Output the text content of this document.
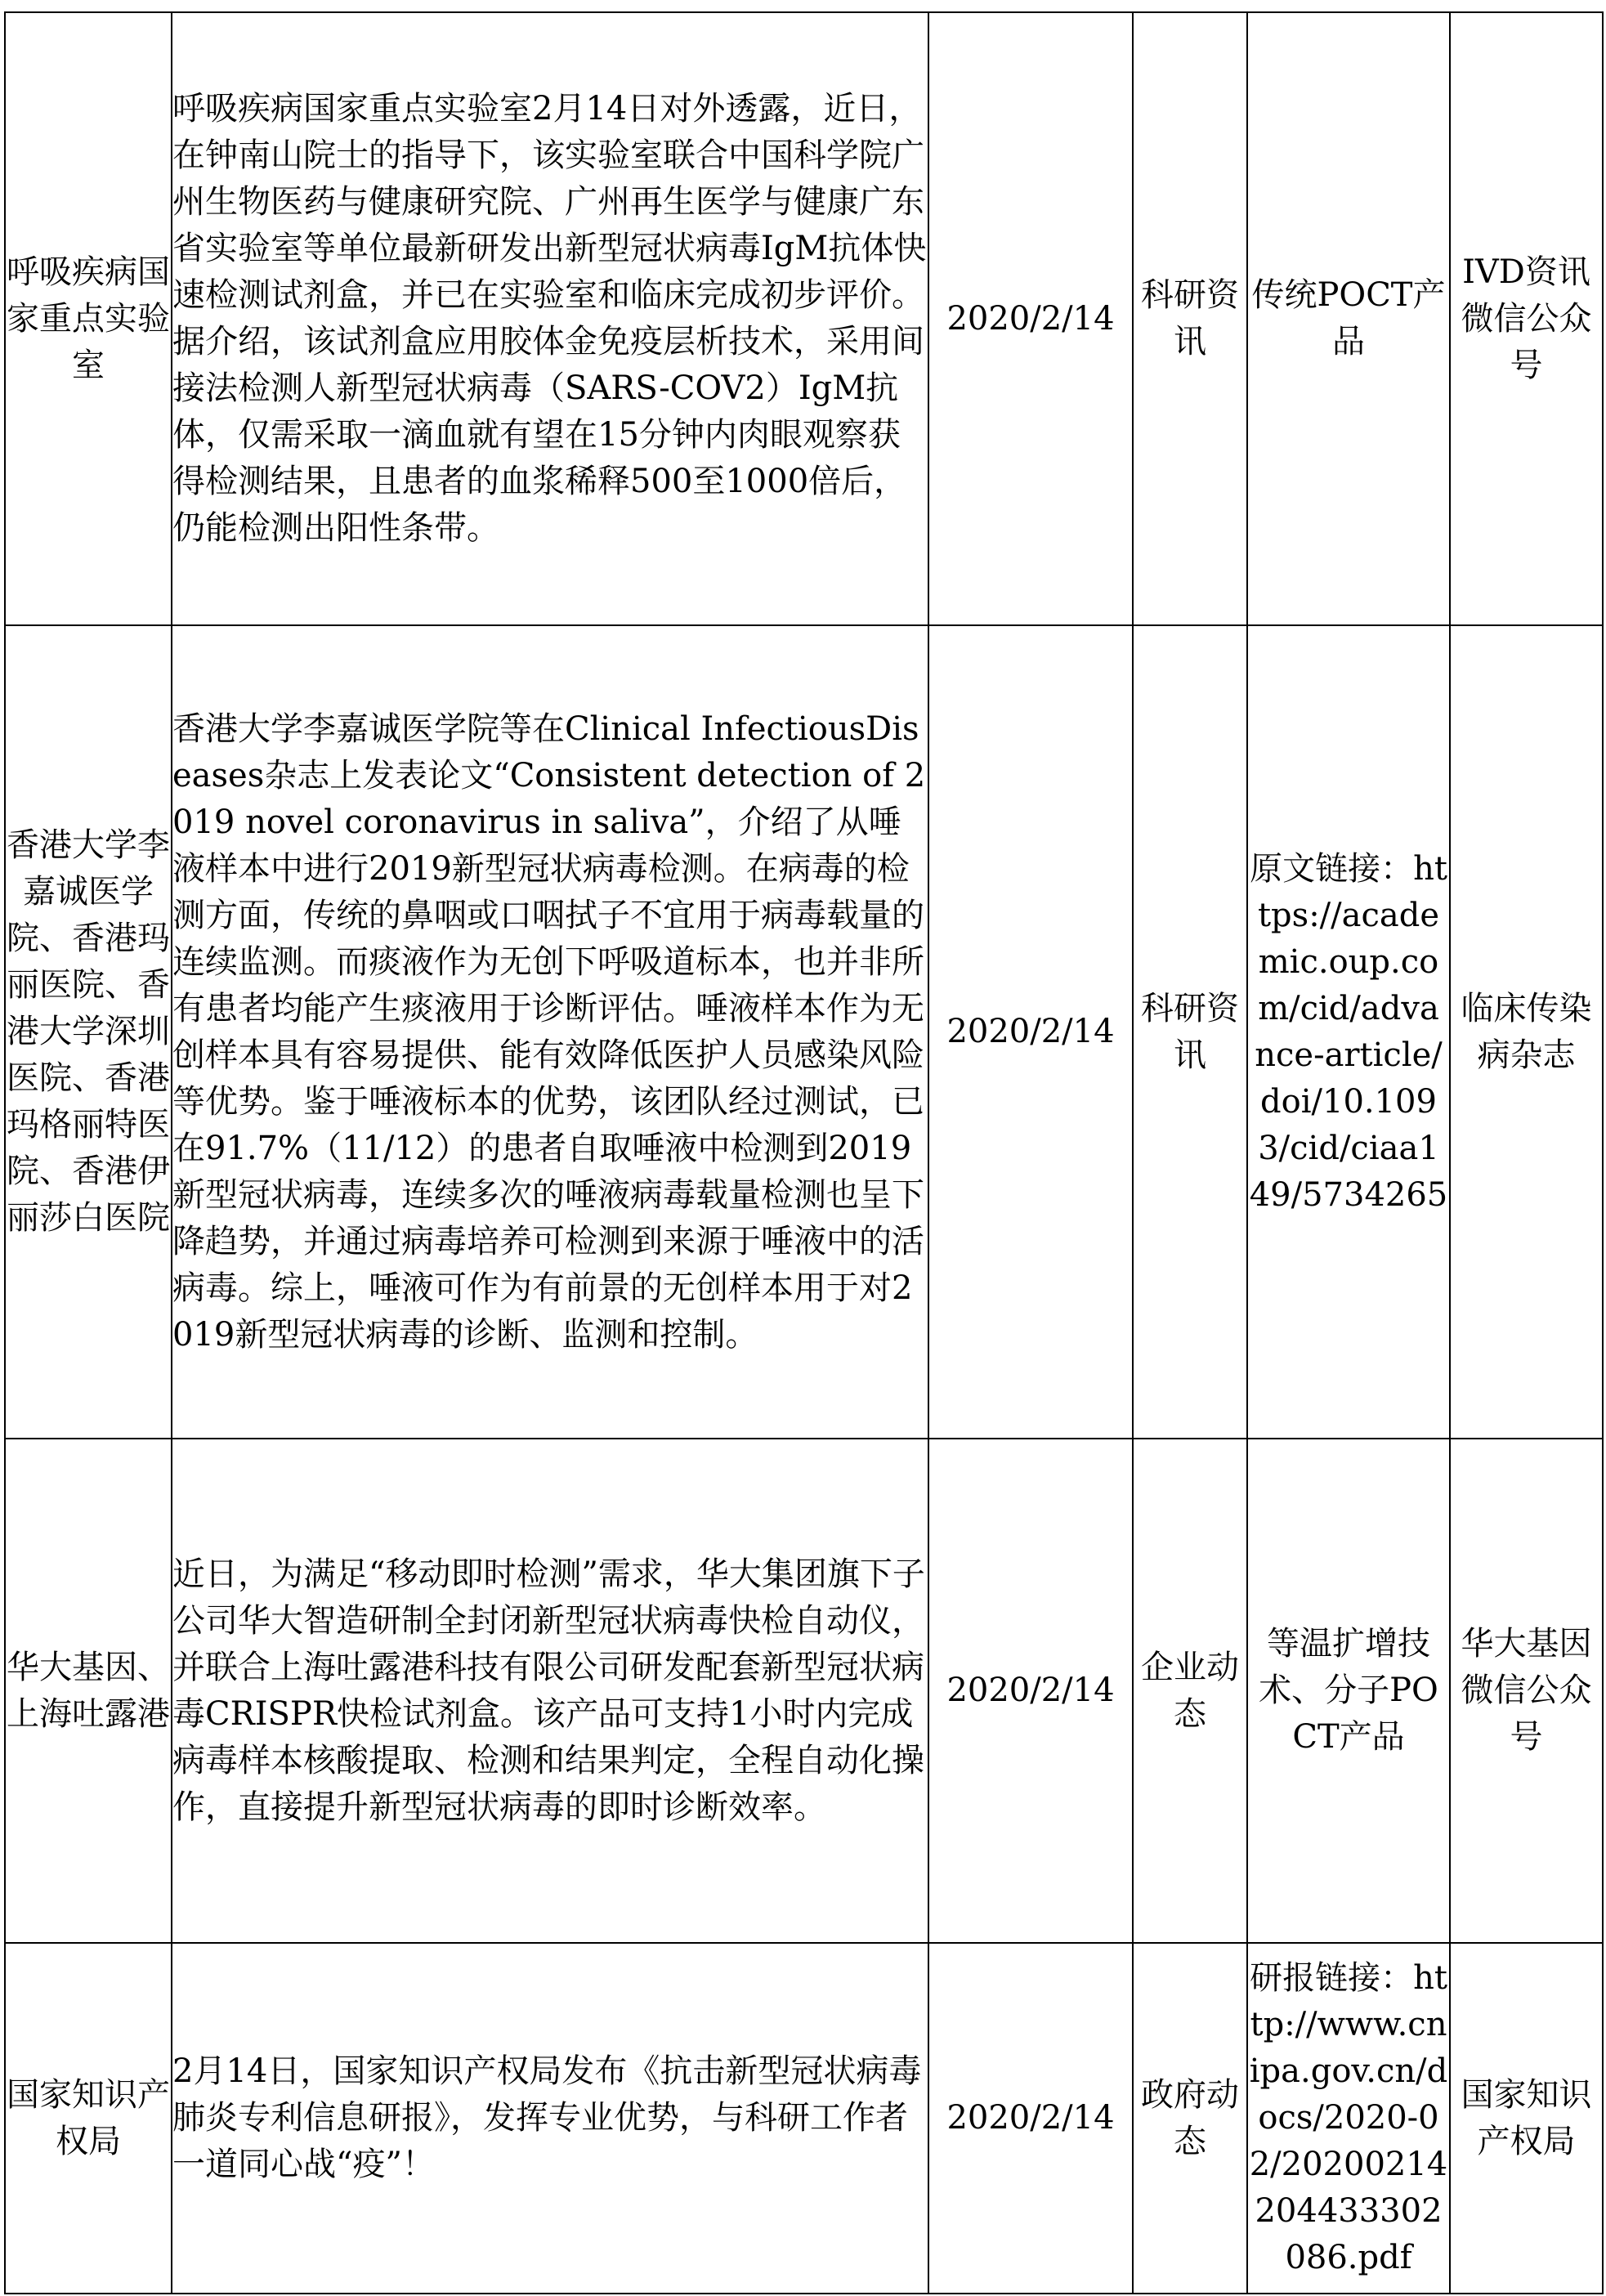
呼吸疾病国家重点实验室	呼吸疾病国家重点实验室2月14日对外透露，近日，在钟南山院士的指导下，该实验室联合中国科学院广州生物医药与健康研究院、广州再生医学与健康广东省实验室等单位最新研发出新型冠状病毒IgM抗体快速检测试剂盒，并已在实验室和临床完成初步评价。据介绍，该试剂盒应用胶体金免疫层析技术，采用间接法检测人新型冠状病毒（SARS-COV2）IgM抗体，仅需采取一滴血就有望在15分钟内肉眼观察获得检测结果，且患者的血浆稀释500至1000倍后，仍能检测出阳性条带。	2020/2/14	科研资讯	传统POCT产品	IVD资讯微信公众号

香港大学李嘉诚医学院、香港玛丽医院、香港大学深圳医院、香港玛格丽特医院、香港伊丽莎白医院	香港大学李嘉诚医学院等在Clinical InfectiousDiseases杂志上发表论文“Consistent detection of 2019 novel coronavirus in saliva”，介绍了从唾液样本中进行2019新型冠状病毒检测。在病毒的检测方面，传统的鼻咽或口咽拭子不宜用于病毒载量的连续监测。而痰液作为无创下呼吸道标本，也并非所有患者均能产生痰液用于诊断评估。唾液样本作为无创样本具有容易提供、能有效降低医护人员感染风险等优势。鉴于唾液标本的优势，该团队经过测试，已在91.7%（11/12）的患者自取唾液中检测到2019新型冠状病毒，连续多次的唾液病毒载量检测也呈下降趋势，并通过病毒培养可检测到来源于唾液中的活病毒。综上，唾液可作为有前景的无创样本用于对2019新型冠状病毒的诊断、监测和控制。	2020/2/14	科研资讯	原文链接：https://academic.oup.com/cid/advance-article/doi/10.1093/cid/ciaa149/5734265	临床传染病杂志

华大基因、上海吐露港	近日，为满足“移动即时检测”需求，华大集团旗下子公司华大智造研制全封闭新型冠状病毒快检自动仪，并联合上海吐露港科技有限公司研发配套新型冠状病毒CRISPR快检试剂盒。该产品可支持1小时内完成病毒样本核酸提取、检测和结果判定，全程自动化操作，直接提升新型冠状病毒的即时诊断效率。	2020/2/14	企业动态	等温扩增技术、分子POCT产品	华大基因微信公众号

国家知识产权局	2月14日，国家知识产权局发布《抗击新型冠状病毒肺炎专利信息研报》，发挥专业优势，与科研工作者一道同心战“疫”！	2020/2/14	政府动态	研报链接：http://www.cnipa.gov.cn/docs/2020-02/20200214204433302086.pdf	国家知识产权局
